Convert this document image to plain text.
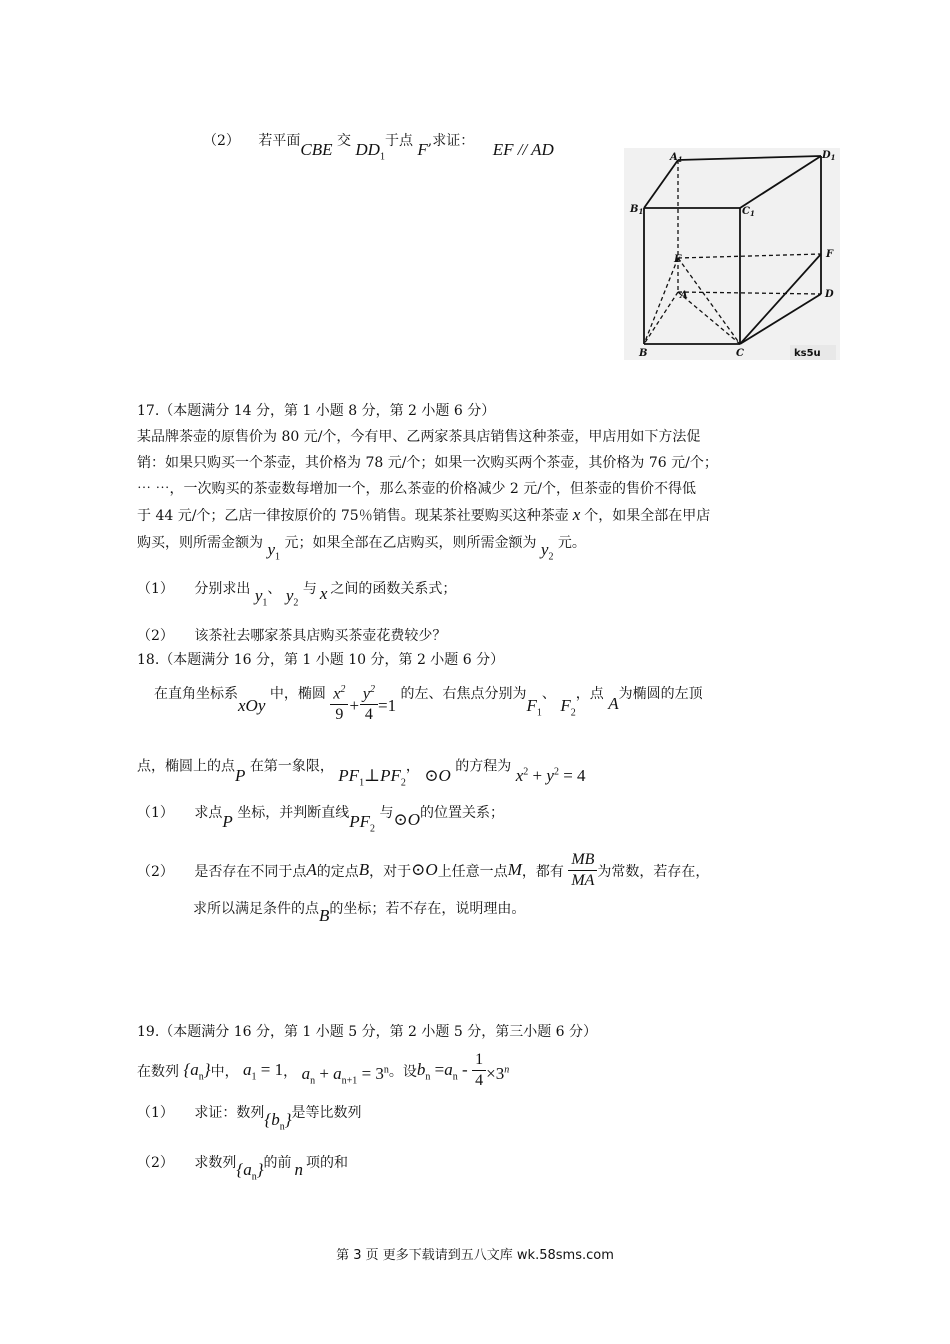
（2） 若平面CBE 交 $DD_1$于点 F,求证： EF // AD	$A_1$	$D_1$
$B_1$	$C_1$
E	F
A	D
B	C	ks5u
17.（本题满分 14 分，第 1 小题 8 分，第 2 小题 6 分）
某品牌茶壶的原售价为 80 元/个，今有甲、乙两家茶具店销售这种茶壶，甲店用如下方法促
销：如果只购买一个茶壶，其价格为 78 元/个；如果一次购买两个茶壶，其价格为 76 元/个；
⋯ ⋯，一次购买的茶壶数每增加一个，那么茶壶的价格减少 2 元/个，但茶壶的售价不得低
于 44 元/个；乙店一律按原价的 75％销售。现某茶社要购买这种茶壶 x 个，如果全部在甲店
购买，则所需金额为 $y_1$ 元；如果全部在乙店购买，则所需金额为 $y_2$ 元。
（1） 分别求出 $y_1$、 $y_2$ 与 x 之间的函数关系式；
（2） 该茶社去哪家茶具店购买茶壶花费较少？
18.（本题满分 16 分，第 1 小题 10 分，第 2 小题 6 分）
在直角坐标系xOy 中，椭圆 $\frac{x^2}{9} + \frac{y^2}{4} =1$ 的左、右焦点分别为$F_1$、 $F_2$，点 A为椭圆的左顶
点，椭圆上的点P 在第一象限， $PF_1\perp PF_2$， ⊙O 的方程为 $x^2 + y^2 = 4$
（1） 求点P 坐标，并判断直线$PF_2$ 与⊙O的位置关系；
（2） 是否存在不同于点A的定点B，对于⊙O上任意一点M，都有 $\frac{MB}{MA}$ 为常数，若存在，
求所以满足条件的点B的坐标；若不存在，说明理由。
19.（本题满分 16 分，第 1 小题 5 分，第 2 小题 5 分，第三小题 6 分）
在数列 $\{a_n\}$中， $a_1 = 1$， $a_n + a_{n+1} = 3^n$。设$b_n =a_n - \frac{1}{4} \times 3^n$
（1） 求证：数列$\{b_n\}$是等比数列
（2） 求数列$\{a_n\}$的前 n 项的和
第 3 页 更多下载请到五八文库 wk.58sms.com
